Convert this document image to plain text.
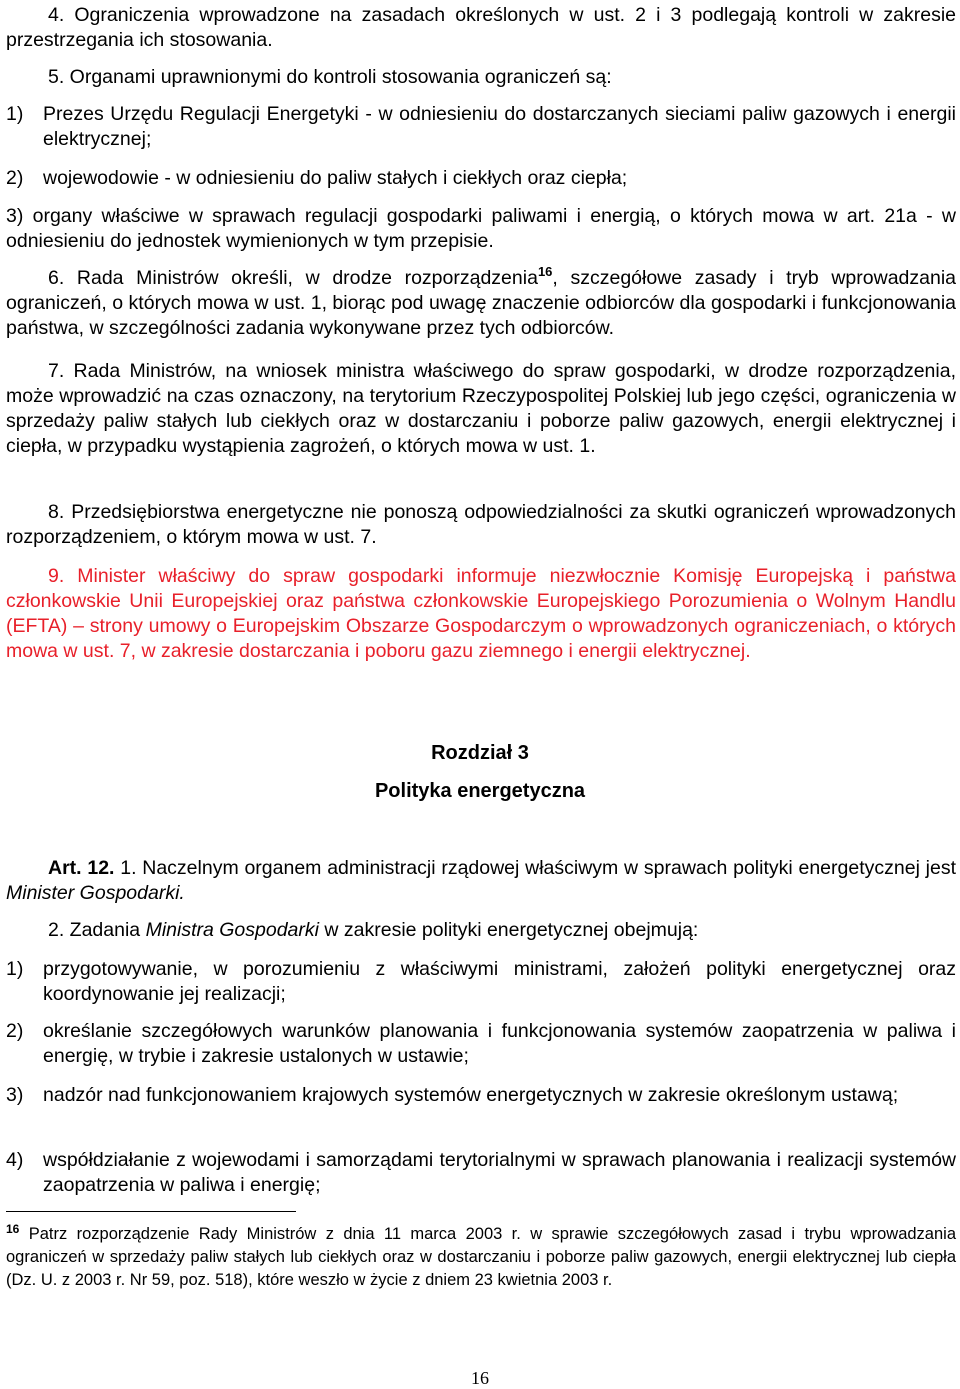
4. Ograniczenia wprowadzone na zasadach określonych w ust. 2 i 3 podlegają kontroli w zakresie przestrzegania ich stosowania.
5. Organami uprawnionymi do kontroli stosowania ograniczeń są:
1) Prezes Urzędu Regulacji Energetyki - w odniesieniu do dostarczanych sieciami paliw gazowych i energii elektrycznej;
2) wojewodowie - w odniesieniu do paliw stałych i ciekłych oraz ciepła;
3) organy właściwe w sprawach regulacji gospodarki paliwami i energią, o których mowa w art. 21a - w odniesieniu do jednostek wymienionych w tym przepisie.
6. Rada Ministrów określi, w drodze rozporządzenia$^{16}$, szczegółowe zasady i tryb wprowadzania ograniczeń, o których mowa w ust. 1, biorąc pod uwagę znaczenie odbiorców dla gospodarki i funkcjonowania państwa, w szczególności zadania wykonywane przez tych odbiorców.
7. Rada Ministrów, na wniosek ministra właściwego do spraw gospodarki, w drodze rozporządzenia, może wprowadzić na czas oznaczony, na terytorium Rzeczypospolitej Polskiej lub jego części, ograniczenia w sprzedaży paliw stałych lub ciekłych oraz w dostarczaniu i poborze paliw gazowych, energii elektrycznej i ciepła, w przypadku wystąpienia zagrożeń, o których mowa w ust. 1.
8. Przedsiębiorstwa energetyczne nie ponoszą odpowiedzialności za skutki ograniczeń wprowadzonych rozporządzeniem, o którym mowa w ust. 7.
9. Minister właściwy do spraw gospodarki informuje niezwłocznie Komisję Europejską i państwa członkowskie Unii Europejskiej oraz państwa członkowskie Europejskiego Porozumienia o Wolnym Handlu (EFTA) – strony umowy o Europejskim Obszarze Gospodarczym o wprowadzonych ograniczeniach, o których mowa w ust. 7, w zakresie dostarczania i poboru gazu ziemnego i energii elektrycznej.
Rozdział 3
Polityka energetyczna
Art. 12. 1. Naczelnym organem administracji rządowej właściwym w sprawach polityki energetycznej jest Minister Gospodarki.
2. Zadania Ministra Gospodarki w zakresie polityki energetycznej obejmują:
1) przygotowywanie, w porozumieniu z właściwymi ministrami, założeń polityki energetycznej oraz koordynowanie jej realizacji;
2) określanie szczegółowych warunków planowania i funkcjonowania systemów zaopatrzenia w paliwa i energię, w trybie i zakresie ustalonych w ustawie;
3) nadzór nad funkcjonowaniem krajowych systemów energetycznych w zakresie określonym ustawą;
4) współdziałanie z wojewodami i samorządami terytorialnymi w sprawach planowania i realizacji systemów zaopatrzenia w paliwa i energię;
$^{16}$ Patrz rozporządzenie Rady Ministrów z dnia 11 marca 2003 r. w sprawie szczegółowych zasad i trybu wprowadzania ograniczeń w sprzedaży paliw stałych lub ciekłych oraz w dostarczaniu i poborze paliw gazowych, energii elektrycznej lub ciepła (Dz. U. z 2003 r. Nr 59, poz. 518), które weszło w życie z dniem 23 kwietnia 2003 r.
16
